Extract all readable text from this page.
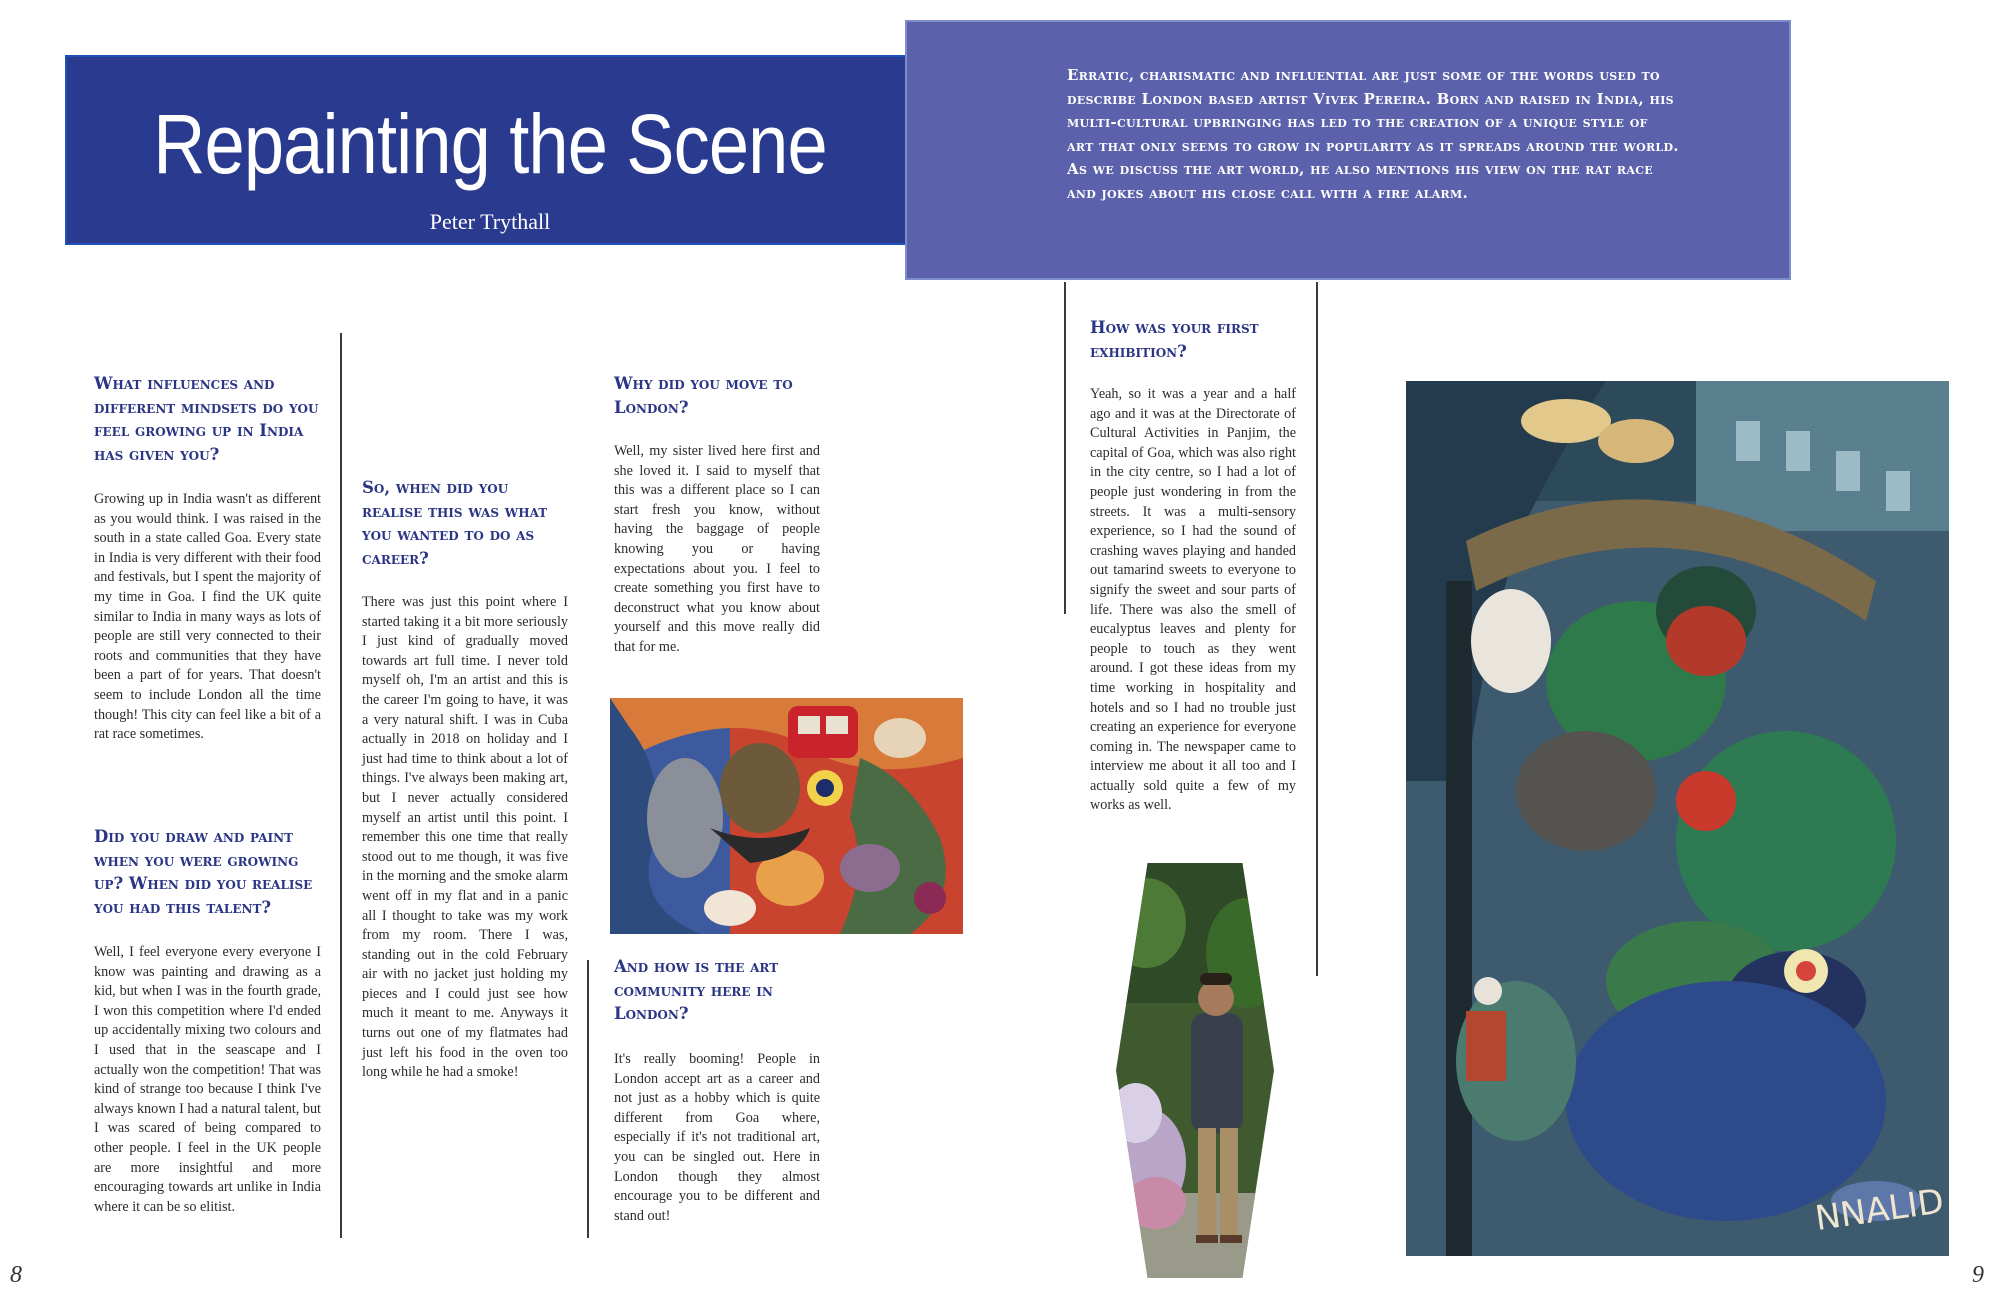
Repainting the Scene
Peter Trythall
Erratic, charismatic and influential are just some of the words used to describe London based artist Vivek Pereira. Born and raised in India, his multi-cultural upbringing has led to the creation of a unique style of art that only seems to grow in popularity as it spreads around the world. As we discuss the art world, he also mentions his view on the rat race and jokes about his close call with a fire alarm.
What influences and different mindsets do you feel growing up in India has given you?
Growing up in India wasn't as different as you would think. I was raised in the south in a state called Goa. Every state in India is very different with their food and festivals, but I spent the majority of my time in Goa. I find the UK quite similar to India in many ways as lots of people are still very connected to their roots and communities that they have been a part of for years. That doesn't seem to include London all the time though! This city can feel like a bit of a rat race sometimes.
Did you draw and paint when you were growing up? When did you realise you had this talent?
Well, I feel everyone every everyone I know was painting and drawing as a kid, but when I was in the fourth grade, I won this competition where I'd ended up accidentally mixing two colours and I used that in the seascape and I actually won the competition! That was kind of strange too because I think I've always known I had a natural talent, but I was scared of being compared to other people. I feel in the UK people are more insightful and more encouraging towards art unlike in India where it can be so elitist.
So, when did you realise this was what you wanted to do as career?
There was just this point where I started taking it a bit more seriously I just kind of gradually moved towards art full time. I never told myself oh, I'm an artist and this is the career I'm going to have, it was a very natural shift. I was in Cuba actually in 2018 on holiday and I just had time to think about a lot of things. I've always been making art, but I never actually considered myself an artist until this point. I remember this one time that really stood out to me though, it was five in the morning and the smoke alarm went off in my flat and in a panic all I thought to take was my work from my room. There I was, standing out in the cold February air with no jacket just holding my pieces and I could just see how much it meant to me. Anyways it turns out one of my flatmates had just left his food in the oven too long while he had a smoke!
Why did you move to London?
Well, my sister lived here first and she loved it. I said to myself that this was a different place so I can start fresh you know, without having the baggage of people knowing you or having expectations about you. I feel to create something you first have to deconstruct what you know about yourself and this move really did that for me.
And how is the art community here in London?
It's really booming! People in London accept art as a career and not just as a hobby which is quite different from Goa where, especially if it's not traditional art, you can be singled out. Here in London though they almost encourage you to be different and stand out!
How was your first exhibition?
Yeah, so it was a year and a half ago and it was at the Directorate of Cultural Activities in Panjim, the capital of Goa, which was also right in the city centre, so I had a lot of people just wondering in from the streets. It was a multi-sensory experience, so I had the sound of crashing waves playing and handed out tamarind sweets to everyone to signify the sweet and sour parts of life. There was also the smell of eucalyptus leaves and plenty for people to touch as they went around. I got these ideas from my time working in hospitality and hotels and so I had no trouble just creating an experience for everyone coming in. The newspaper came to interview me about it all too and I actually sold quite a few of my works as well.
NNALID
8	9
